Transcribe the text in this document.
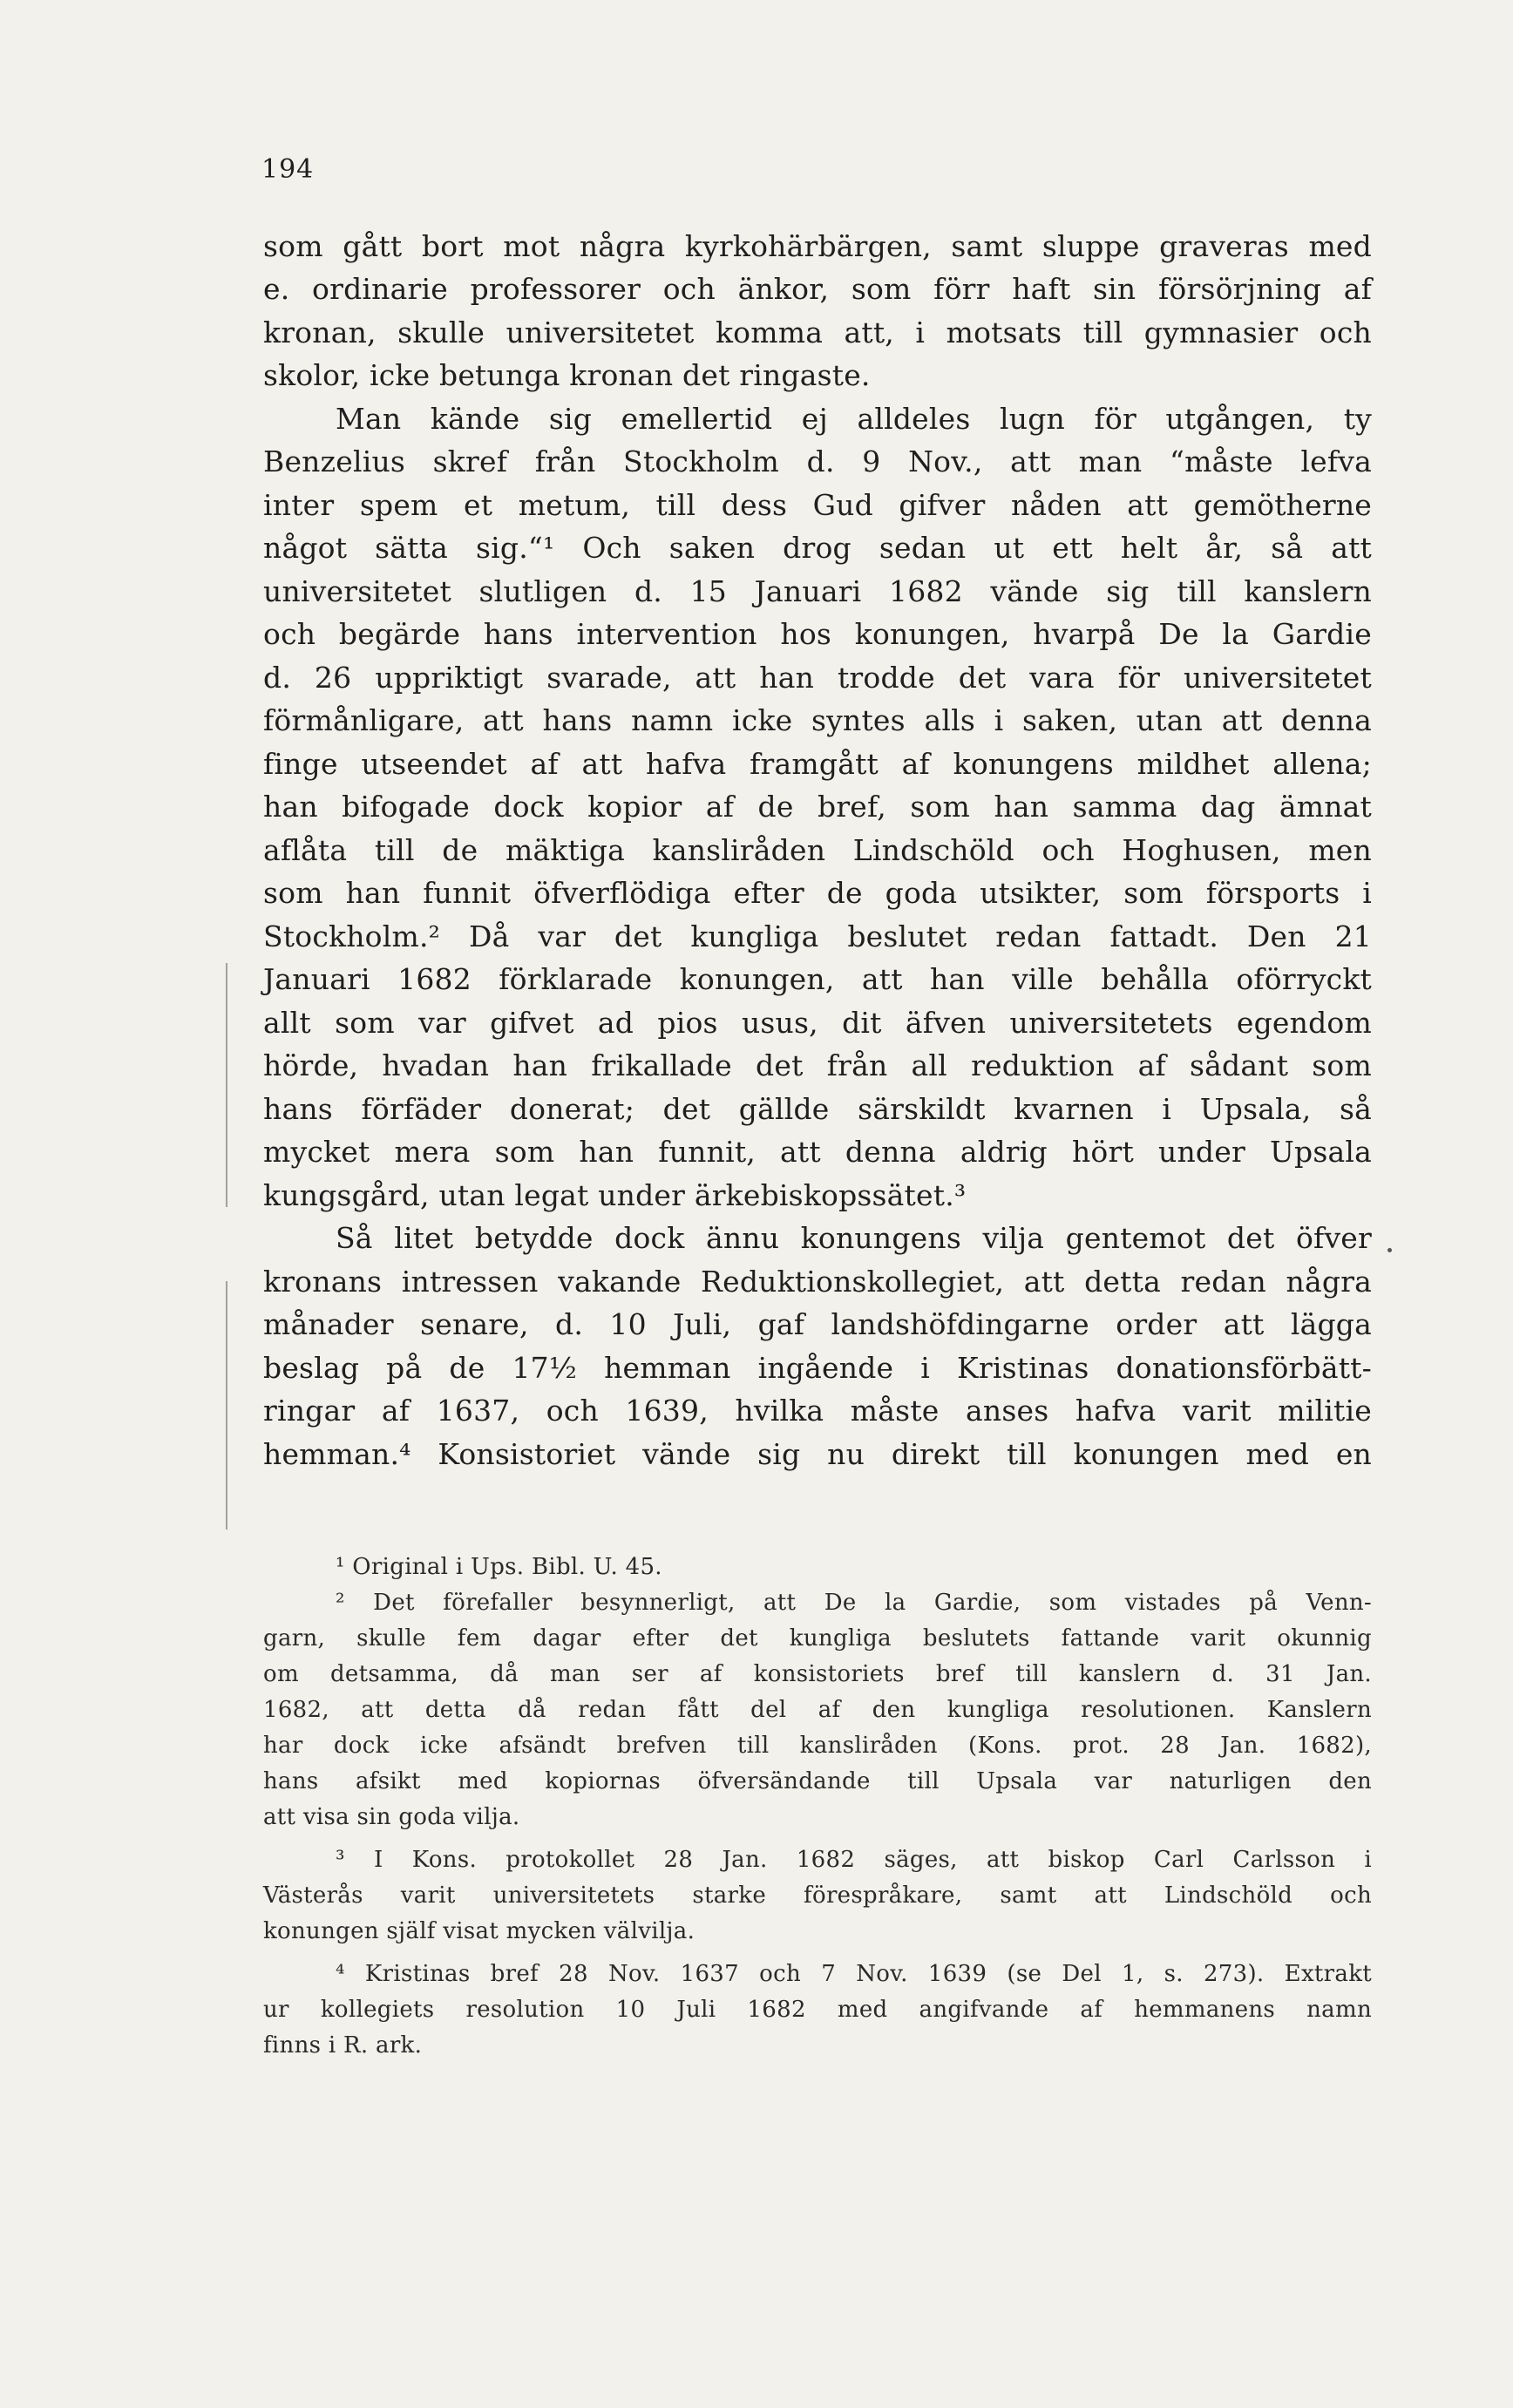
194
som gått bort mot några kyrkohärbärgen, samt sluppe graveras med
e. ordinarie professorer och änkor, som förr haft sin försörjning af
kronan, skulle universitetet komma att, i motsats till gymnasier och
skolor, icke betunga kronan det ringaste.
Man kände sig emellertid ej alldeles lugn för utgången, ty
Benzelius skref från Stockholm d. 9 Nov., att man “måste lefva
inter spem et metum, till dess Gud gifver nåden att gemötherne
något sätta sig.“¹ Och saken drog sedan ut ett helt år, så att
universitetet slutligen d. 15 Januari 1682 vände sig till kanslern
och begärde hans intervention hos konungen, hvarpå De la Gardie
d. 26 uppriktigt svarade, att han trodde det vara för universitetet
förmånligare, att hans namn icke syntes alls i saken, utan att denna
finge utseendet af att hafva framgått af konungens mildhet allena;
han bifogade dock kopior af de bref, som han samma dag ämnat
aflåta till de mäktiga kansliråden Lindschöld och Hoghusen, men
som han funnit öfverflödiga efter de goda utsikter, som försports i
Stockholm.² Då var det kungliga beslutet redan fattadt. Den 21
Januari 1682 förklarade konungen, att han ville behålla oförryckt
allt som var gifvet ad pios usus, dit äfven universitetets egendom
hörde, hvadan han frikallade det från all reduktion af sådant som
hans förfäder donerat; det gällde särskildt kvarnen i Upsala, så
mycket mera som han funnit, att denna aldrig hört under Upsala
kungsgård, utan legat under ärkebiskopssätet.³
Så litet betydde dock ännu konungens vilja gentemot det öfver
kronans intressen vakande Reduktionskollegiet, att detta redan några
månader senare, d. 10 Juli, gaf landshöfdingarne order att lägga
beslag på de 17½ hemman ingående i Kristinas donationsförbätt-
ringar af 1637, och 1639, hvilka måste anses hafva varit militie
hemman.⁴ Konsistoriet vände sig nu direkt till konungen med en
¹ Original i Ups. Bibl. U. 45.
² Det förefaller besynnerligt, att De la Gardie, som vistades på Venn-
garn, skulle fem dagar efter det kungliga beslutets fattande varit okunnig
om detsamma, då man ser af konsistoriets bref till kanslern d. 31 Jan.
1682, att detta då redan fått del af den kungliga resolutionen. Kanslern
har dock icke afsändt brefven till kansliråden (Kons. prot. 28 Jan. 1682),
hans afsikt med kopiornas öfversändande till Upsala var naturligen den
att visa sin goda vilja.
³ I Kons. protokollet 28 Jan. 1682 säges, att biskop Carl Carlsson i
Västerås varit universitetets starke förespråkare, samt att Lindschöld och
konungen själf visat mycken välvilja.
⁴ Kristinas bref 28 Nov. 1637 och 7 Nov. 1639 (se Del 1, s. 273). Extrakt
ur kollegiets resolution 10 Juli 1682 med angifvande af hemmanens namn
finns i R. ark.
